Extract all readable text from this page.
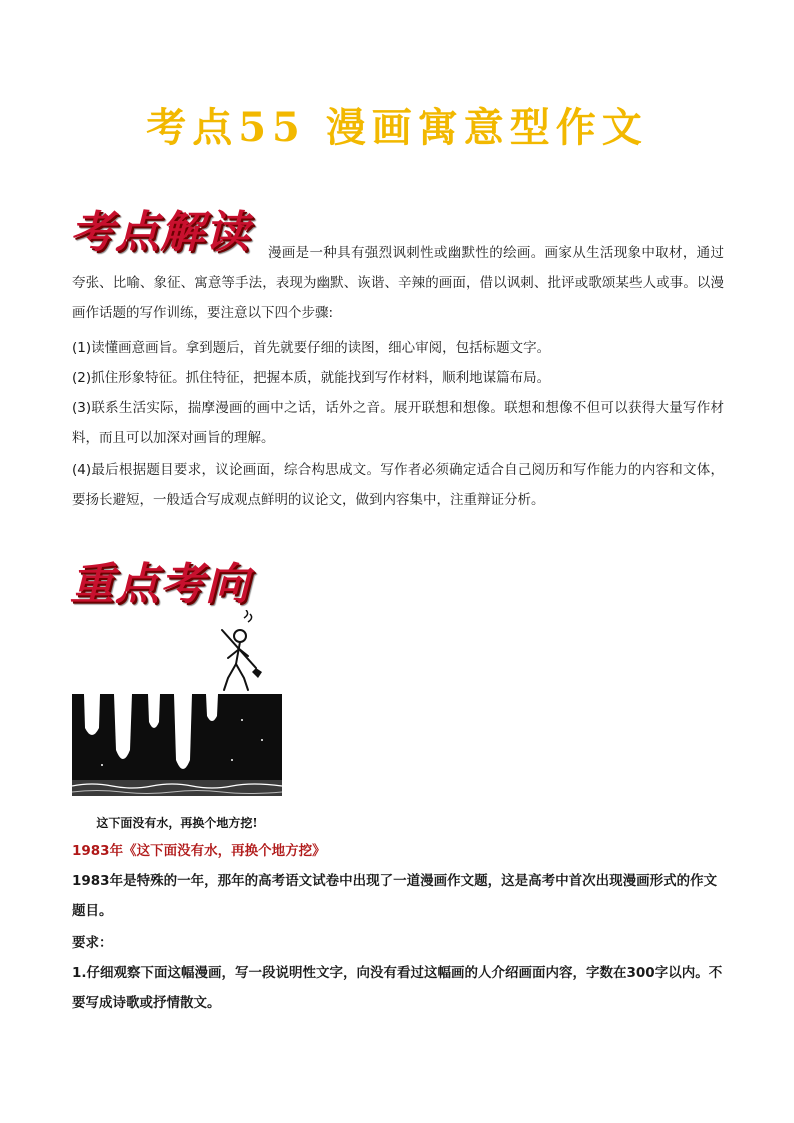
考点55 漫画寓意型作文
考点解读	漫画是一种具有强烈讽刺性或幽默性的绘画。画家从生活现象中取材，通过夸张、比喻、象征、寓意等手法，表现为幽默、诙谐、辛辣的画面，借以讽刺、批评或歌颂某些人或事。以漫画作话题的写作训练，要注意以下四个步骤:

(1)读懂画意画旨。拿到题后，首先就要仔细的读图，细心审阅，包括标题文字。

(2)抓住形象特征。抓住特征，把握本质，就能找到写作材料，顺利地谋篇布局。

(3)联系生活实际，揣摩漫画的画中之话，话外之音。展开联想和想像。联想和想像不但可以获得大量写作材料，而且可以加深对画旨的理解。

(4)最后根据题目要求，议论画面，综合构思成文。写作者必须确定适合自己阅历和写作能力的内容和文体，要扬长避短，一般适合写成观点鲜明的议论文，做到内容集中，注重辩证分析。

重点考向
这下面没有水，再换个地方挖!

1983年《这下面没有水，再换个地方挖》

1983年是特殊的一年，那年的高考语文试卷中出现了一道漫画作文题，这是高考中首次出现漫画形式的作文题目。

要求：

1.仔细观察下面这幅漫画，写一段说明性文字，向没有看过这幅画的人介绍画面内容，字数在300字以内。不要写成诗歌或抒情散文。
